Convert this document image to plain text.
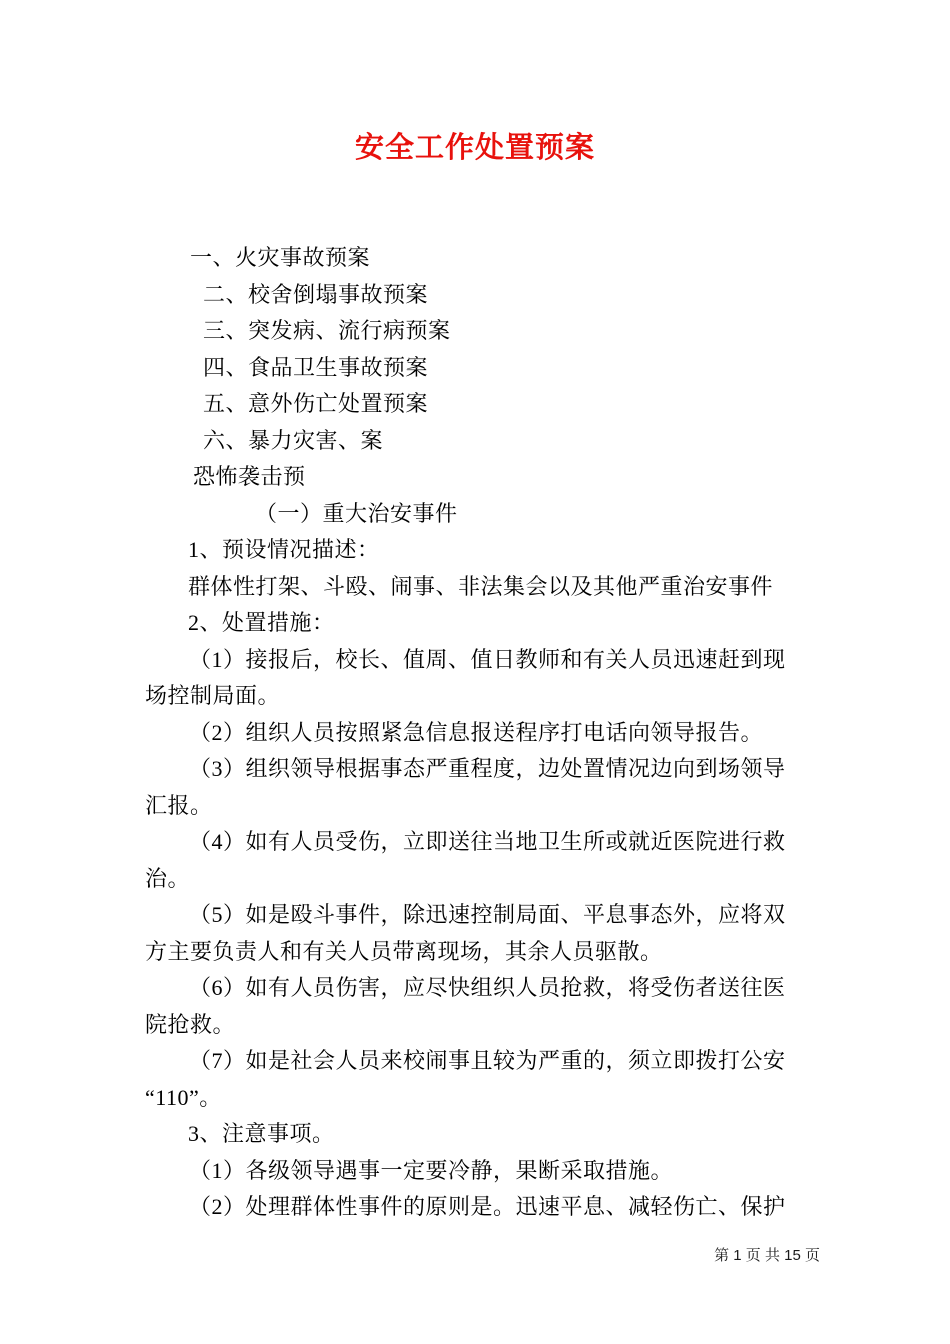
安全工作处置预案
一、火灾事故预案
二、校舍倒塌事故预案
三、突发病、流行病预案
四、食品卫生事故预案
五、意外伤亡处置预案
六、暴力灾害、案
恐怖袭击预
（一）重大治安事件
1、预设情况描述：
群体性打架、斗殴、闹事、非法集会以及其他严重治安事件
2、处置措施：
（1）接报后，校长、值周、值日教师和有关人员迅速赶到现
场控制局面。
（2）组织人员按照紧急信息报送程序打电话向领导报告。
（3）组织领导根据事态严重程度，边处置情况边向到场领导
汇报。
（4）如有人员受伤，立即送往当地卫生所或就近医院进行救
治。
（5）如是殴斗事件，除迅速控制局面、平息事态外，应将双
方主要负责人和有关人员带离现场，其余人员驱散。
（6）如有人员伤害，应尽快组织人员抢救，将受伤者送往医
院抢救。
（7）如是社会人员来校闹事且较为严重的，须立即拨打公安
“110”。
3、注意事项。
（1）各级领导遇事一定要冷静，果断采取措施。
（2）处理群体性事件的原则是。迅速平息、减轻伤亡、保护
第 1 页 共 15 页
